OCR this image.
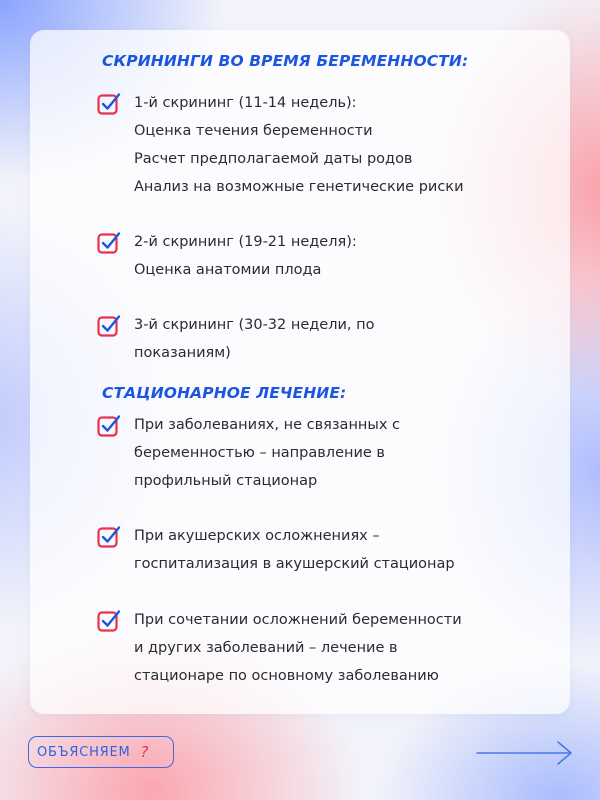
СКРИНИНГИ ВО ВРЕМЯ БЕРЕМЕННОСТИ:
1-й скрининг (11-14 недель):
Оценка течения беременности
Расчет предполагаемой даты родов
Анализ на возможные генетические риски
2-й скрининг (19-21 неделя):
Оценка анатомии плода
3-й скрининг (30-32 недели, по
показаниям)
СТАЦИОНАРНОЕ ЛЕЧЕНИЕ:
При заболеваниях, не связанных с
беременностью – направление в
профильный стационар
При акушерских осложнениях –
госпитализация в акушерский стационар
При сочетании осложнений беременности
и других заболеваний – лечение в
стационаре по основному заболеванию
ОБЪЯСНЯЕМ ?
